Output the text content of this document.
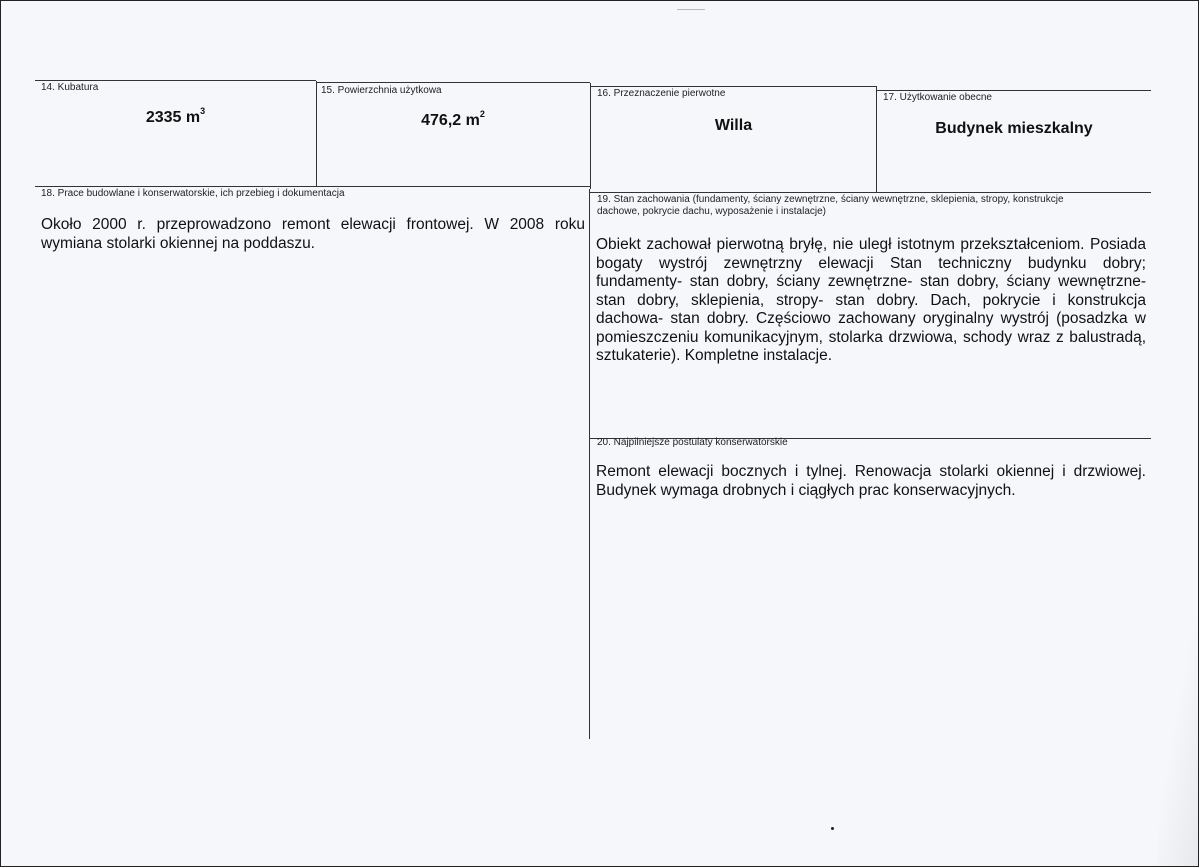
14. Kubatura
2335 $m^3$
15. Powierzchnia użytkowa
476,2 $m^2$
16. Przeznaczenie pierwotne
Willa
17. Użytkowanie obecne
Budynek mieszkalny
18. Prace budowlane i konserwatorskie, ich przebieg i dokumentacja
Około 2000 r. przeprowadzono remont elewacji frontowej. W 2008 roku wymiana stolarki okiennej na poddaszu.
19. Stan zachowania (fundamenty, ściany zewnętrzne, ściany wewnętrzne, sklepienia, stropy, konstrukcje dachowe, pokrycie dachu, wyposażenie i instalacje)
Obiekt zachował pierwotną bryłę, nie uległ istotnym przekształceniom. Posiada bogaty wystrój zewnętrzny elewacji Stan techniczny budynku dobry; fundamenty- stan dobry, ściany zewnętrzne- stan dobry, ściany wewnętrzne- stan dobry, sklepienia, stropy- stan dobry. Dach, pokrycie i konstrukcja dachowa- stan dobry. Częściowo zachowany oryginalny wystrój (posadzka w pomieszczeniu komunikacyjnym, stolarka drzwiowa, schody wraz z balustradą, sztukaterie). Kompletne instalacje.
20. Najpilniejsze postulaty konserwatorskie
Remont elewacji bocznych i tylnej. Renowacja stolarki okiennej i drzwiowej. Budynek wymaga drobnych i ciągłych prac konserwacyjnych.
